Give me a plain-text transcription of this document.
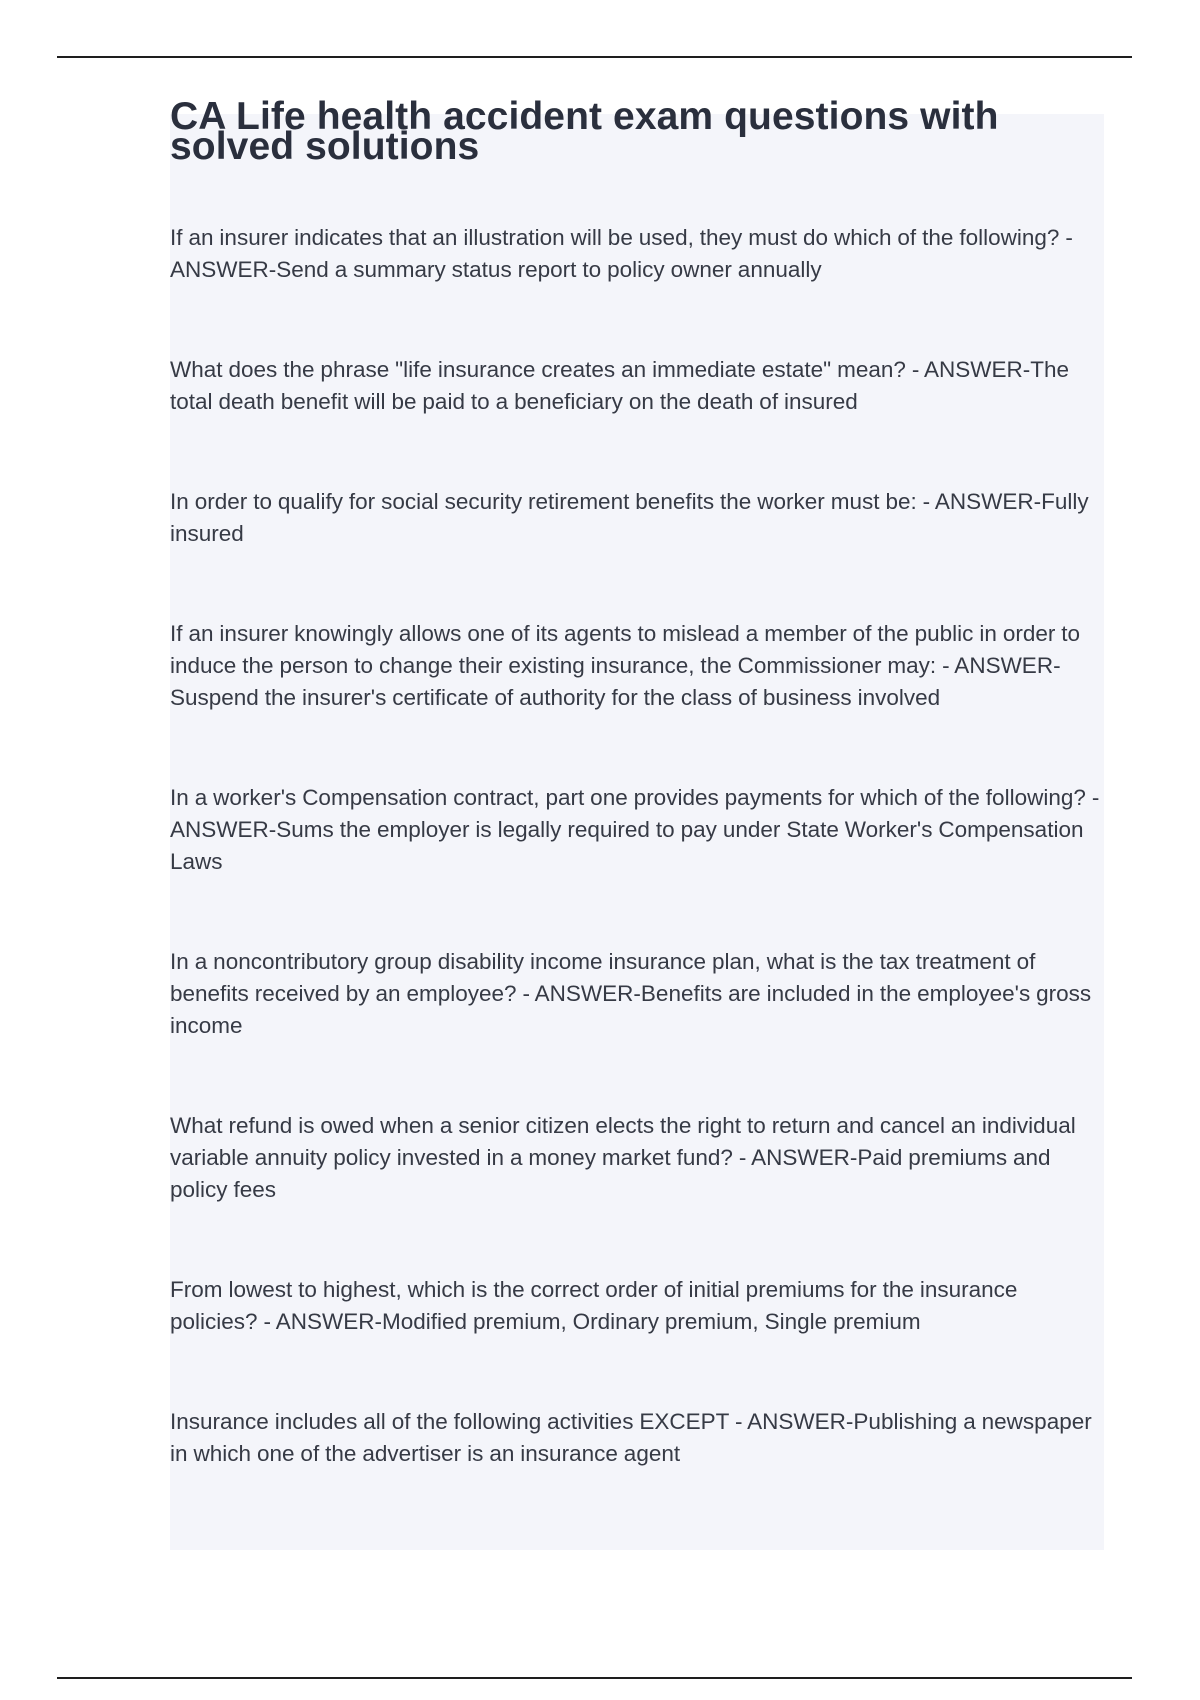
CA Life health accident exam questions with solved solutions
If an insurer indicates that an illustration will be used, they must do which of the following? - ANSWER-Send a summary status report to policy owner annually
What does the phrase "life insurance creates an immediate estate" mean? - ANSWER-The total death benefit will be paid to a beneficiary on the death of insured
In order to qualify for social security retirement benefits the worker must be: - ANSWER-Fully insured
If an insurer knowingly allows one of its agents to mislead a member of the public in order to induce the person to change their existing insurance, the Commissioner may: - ANSWER-Suspend the insurer's certificate of authority for the class of business involved
In a worker's Compensation contract, part one provides payments for which of the following? - ANSWER-Sums the employer is legally required to pay under State Worker's Compensation Laws
In a noncontributory group disability income insurance plan, what is the tax treatment of benefits received by an employee? - ANSWER-Benefits are included in the employee's gross income
What refund is owed when a senior citizen elects the right to return and cancel an individual variable annuity policy invested in a money market fund? - ANSWER-Paid premiums and policy fees
From lowest to highest, which is the correct order of initial premiums for the insurance policies? - ANSWER-Modified premium, Ordinary premium, Single premium
Insurance includes all of the following activities EXCEPT - ANSWER-Publishing a newspaper in which one of the advertiser is an insurance agent
